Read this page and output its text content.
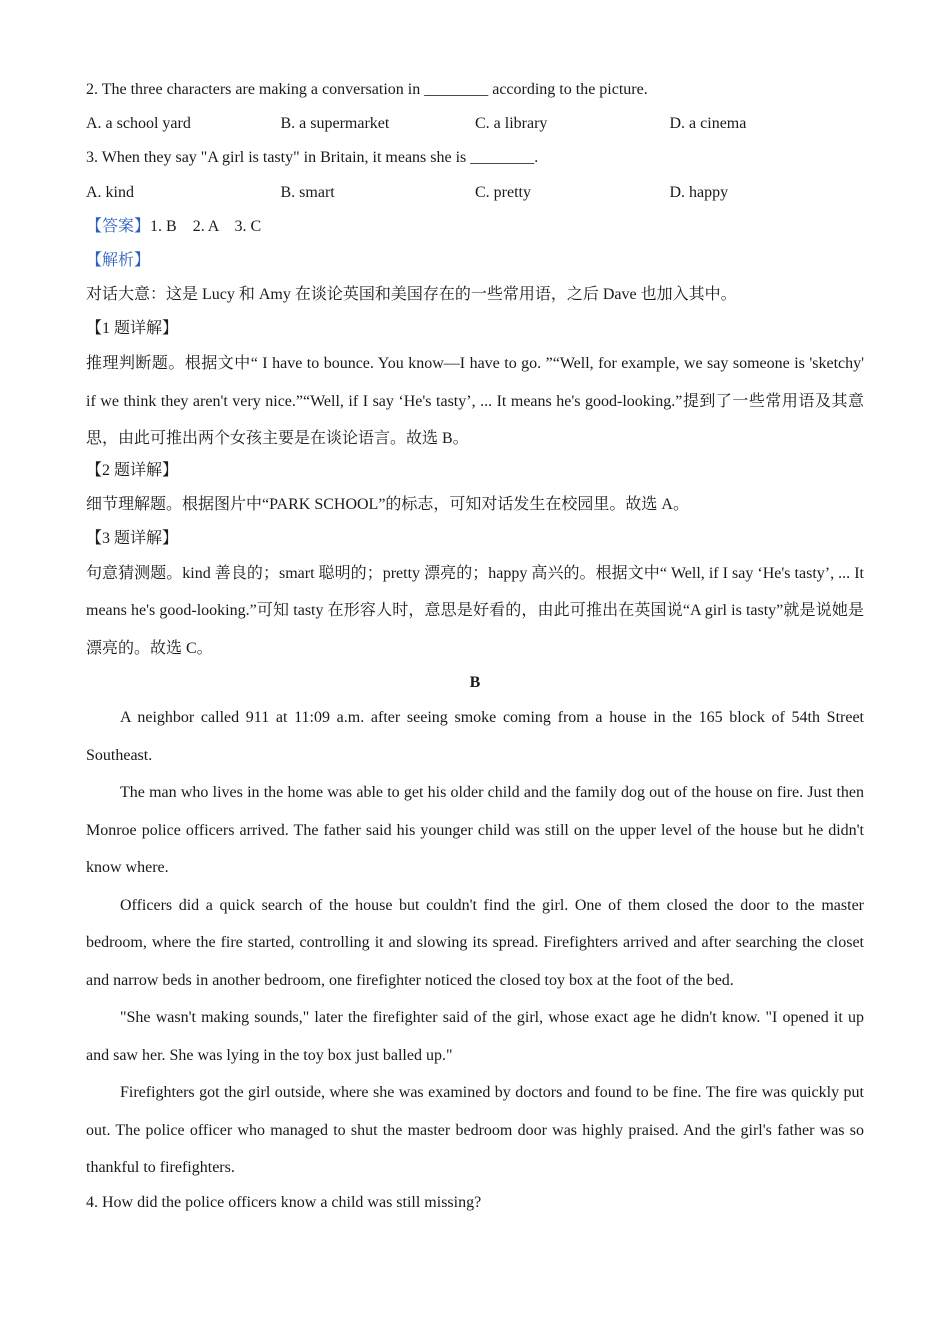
2. The three characters are making a conversation in ________ according to the picture.

A. a school yard	B. a supermarket	C. a library	D. a cinema

3. When they say "A girl is tasty" in Britain, it means she is ________.

A. kind	B. smart	C. pretty	D. happy

【答案】1. B    2. A    3. C

【解析】

对话大意：这是 Lucy 和 Amy 在谈论英国和美国存在的一些常用语，之后 Dave 也加入其中。

【1 题详解】

推理判断题。根据文中“ I have to bounce. You know—I have to go. ”“Well, for example, we say someone is 'sketchy' if we think they aren't very nice.”“Well, if I say ‘He's tasty’, ... It means he's good-looking.”提到了一些常用语及其意思，由此可推出两个女孩主要是在谈论语言。故选 B。

【2 题详解】

细节理解题。根据图片中“PARK SCHOOL”的标志，可知对话发生在校园里。故选 A。

【3 题详解】

句意猜测题。kind 善良的；smart 聪明的；pretty 漂亮的；happy 高兴的。根据文中“ Well, if I say ‘He's tasty’, ... It means he's good-looking.”可知 tasty 在形容人时，意思是好看的，由此可推出在英国说“A girl is tasty”就是说她是漂亮的。故选 C。

B

A neighbor called 911 at 11:09 a.m. after seeing smoke coming from a house in the 165 block of 54th Street Southeast.

The man who lives in the home was able to get his older child and the family dog out of the house on fire. Just then Monroe police officers arrived. The father said his younger child was still on the upper level of the house but he didn't know where.

Officers did a quick search of the house but couldn't find the girl. One of them closed the door to the master bedroom, where the fire started, controlling it and slowing its spread. Firefighters arrived and after searching the closet and narrow beds in another bedroom, one firefighter noticed the closed toy box at the foot of the bed.

"She wasn't making sounds," later the firefighter said of the girl, whose exact age he didn't know. "I opened it up and saw her. She was lying in the toy box just balled up."

Firefighters got the girl outside, where she was examined by doctors and found to be fine. The fire was quickly put out. The police officer who managed to shut the master bedroom door was highly praised. And the girl's father was so thankful to firefighters.

4. How did the police officers know a child was still missing?
